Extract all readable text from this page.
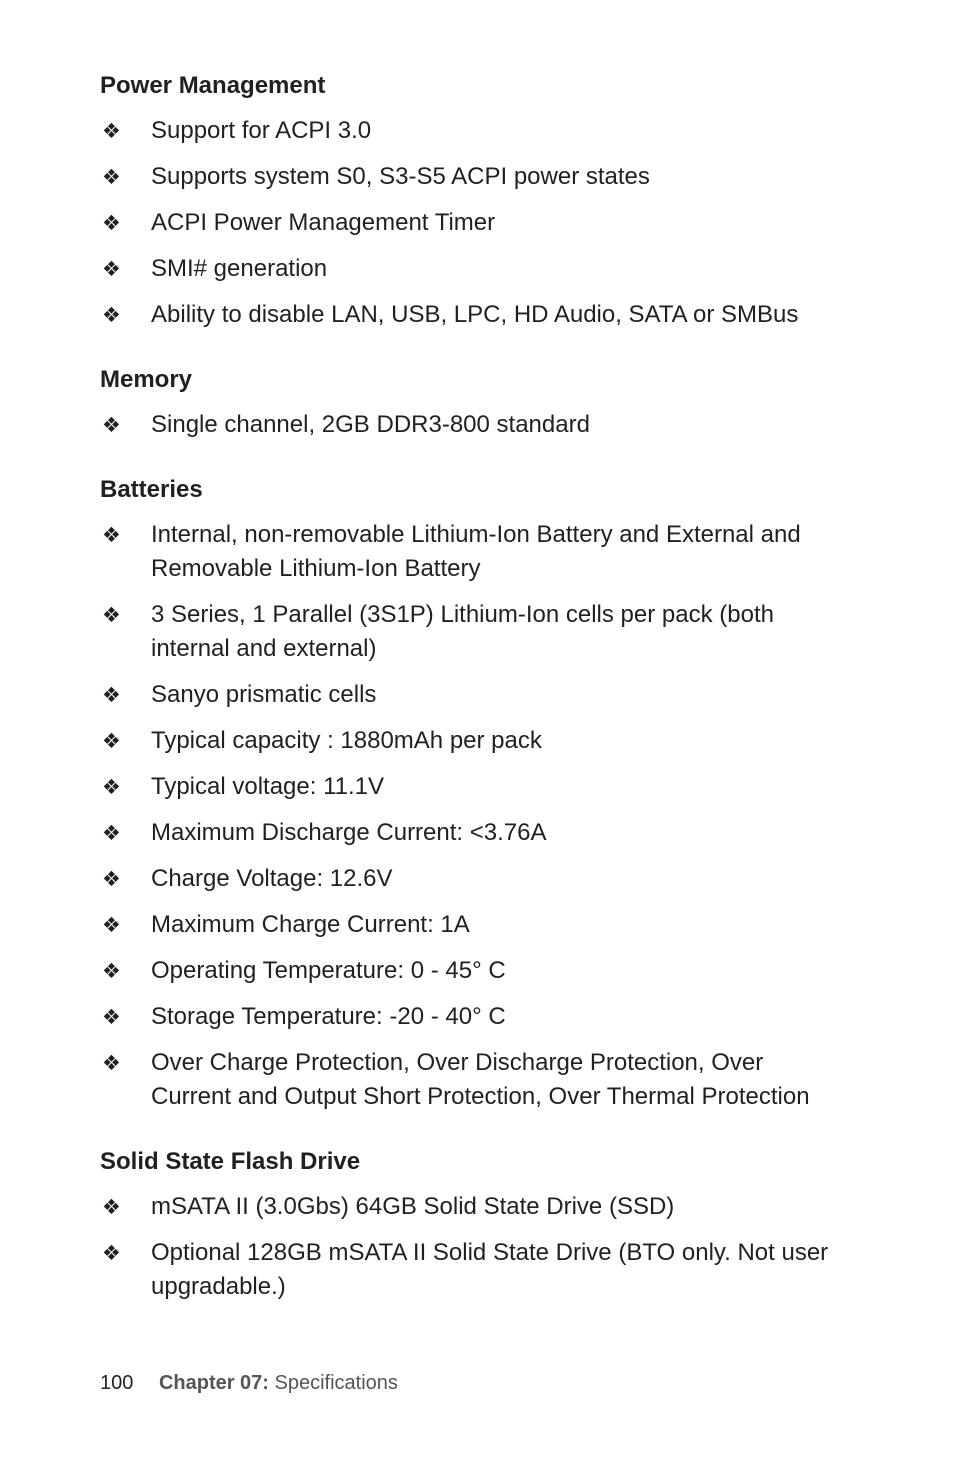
Power Management
❖ Support for ACPI 3.0
❖ Supports system S0, S3-S5 ACPI power states
❖ ACPI Power Management Timer
❖ SMI# generation
❖ Ability to disable LAN, USB, LPC, HD Audio, SATA or SMBus
Memory
❖ Single channel, 2GB DDR3-800 standard
Batteries
❖ Internal, non-removable Lithium-Ion Battery and External and Removable Lithium-Ion Battery
❖ 3 Series, 1 Parallel (3S1P) Lithium-Ion cells per pack (both internal and external)
❖ Sanyo prismatic cells
❖ Typical capacity : 1880mAh per pack
❖ Typical voltage: 11.1V
❖ Maximum Discharge Current: <3.76A
❖ Charge Voltage: 12.6V
❖ Maximum Charge Current: 1A
❖ Operating Temperature: 0 - 45° C
❖ Storage Temperature: -20 - 40° C
❖ Over Charge Protection, Over Discharge Protection, Over Current and Output Short Protection, Over Thermal Protection
Solid State Flash Drive
❖ mSATA II (3.0Gbs) 64GB Solid State Drive (SSD)
❖ Optional 128GB mSATA II Solid State Drive (BTO only. Not user upgradable.)
100 Chapter 07: Specifications
